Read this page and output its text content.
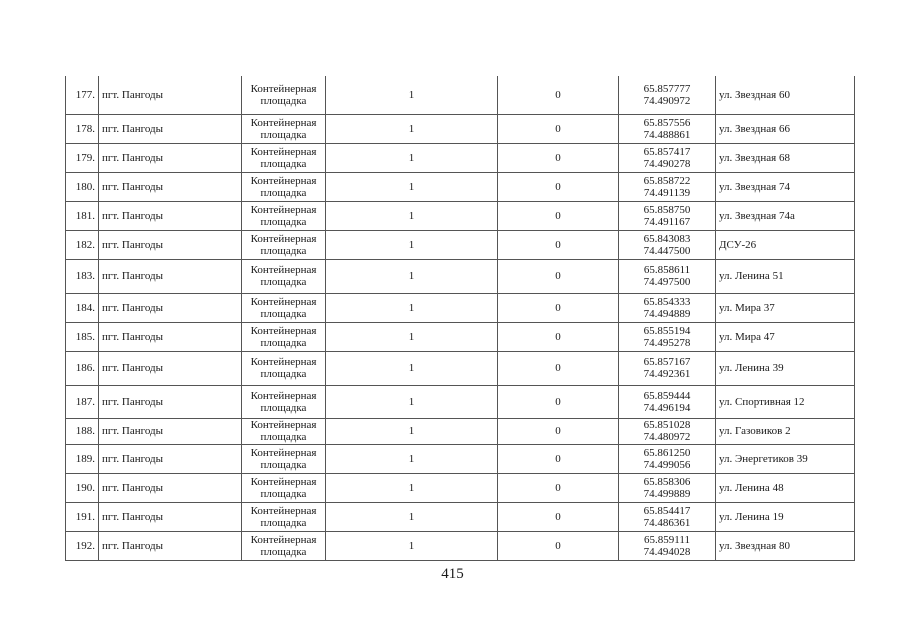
177.	пгт. Пангоды	Контейнерная
площадка	1	0	65.857777
74.490972	ул. Звездная 60
178.	пгт. Пангоды	Контейнерная
площадка	1	0	65.857556
74.488861	ул. Звездная 66
179.	пгт. Пангоды	Контейнерная
площадка	1	0	65.857417
74.490278	ул. Звездная 68
180.	пгт. Пангоды	Контейнерная
площадка	1	0	65.858722
74.491139	ул. Звездная 74
181.	пгт. Пангоды	Контейнерная
площадка	1	0	65.858750
74.491167	ул. Звездная 74а
182.	пгт. Пангоды	Контейнерная
площадка	1	0	65.843083
74.447500	ДСУ-26
183.	пгт. Пангоды	Контейнерная
площадка	1	0	65.858611
74.497500	ул. Ленина 51
184.	пгт. Пангоды	Контейнерная
площадка	1	0	65.854333
74.494889	ул. Мира 37
185.	пгт. Пангоды	Контейнерная
площадка	1	0	65.855194
74.495278	ул. Мира 47
186.	пгт. Пангоды	Контейнерная
площадка	1	0	65.857167
74.492361	ул. Ленина 39
187.	пгт. Пангоды	Контейнерная
площадка	1	0	65.859444
74.496194	ул. Спортивная 12
188.	пгт. Пангоды	Контейнерная
площадка	1	0	65.851028
74.480972	ул. Газовиков 2
189.	пгт. Пангоды	Контейнерная
площадка	1	0	65.861250
74.499056	ул. Энергетиков 39
190.	пгт. Пангоды	Контейнерная
площадка	1	0	65.858306
74.499889	ул. Ленина 48
191.	пгт. Пангоды	Контейнерная
площадка	1	0	65.854417
74.486361	ул. Ленина 19
192.	пгт. Пангоды	Контейнерная
площадка	1	0	65.859111
74.494028	ул. Звездная 80
415
